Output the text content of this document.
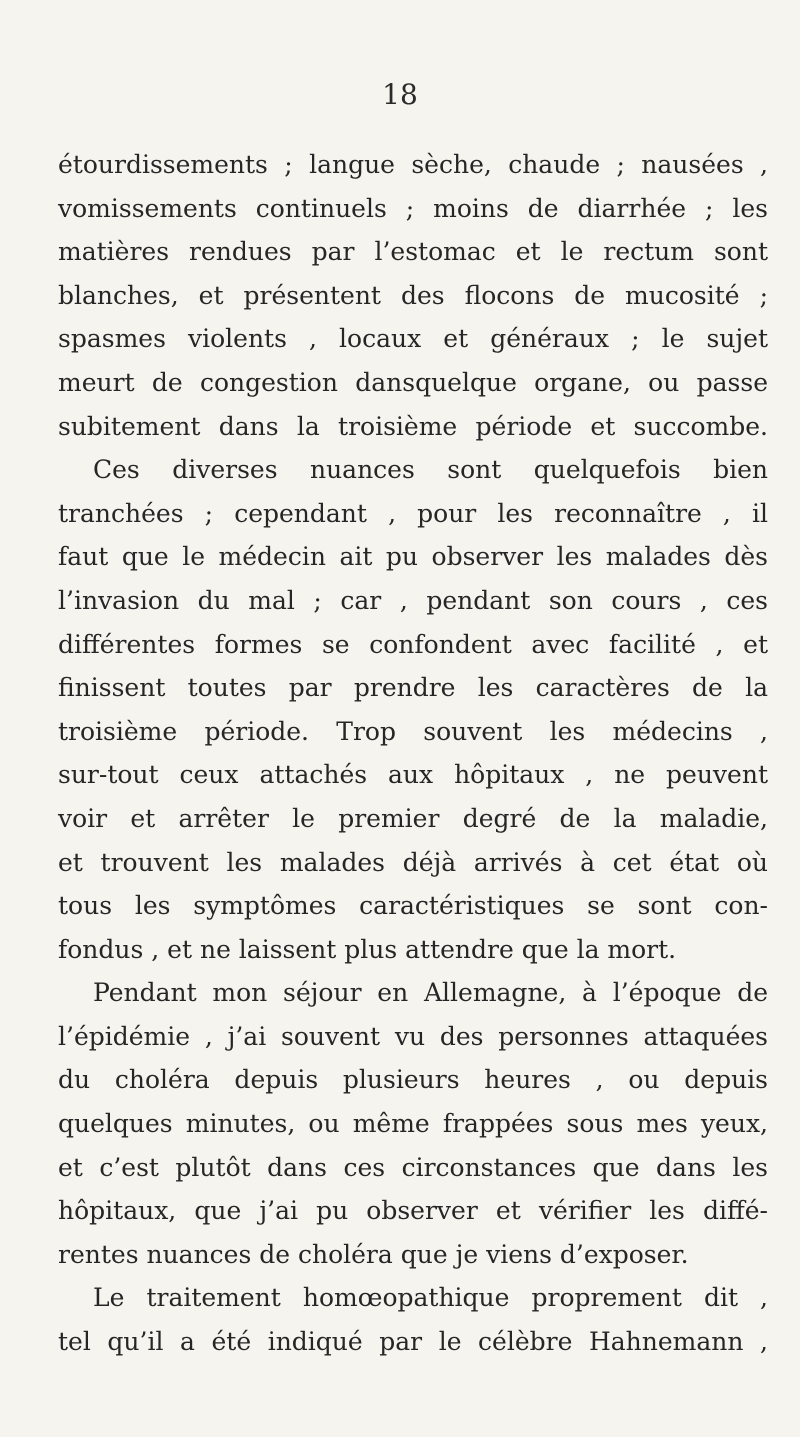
18
étourdissements ; langue sèche, chaude ; nausées ,
vomissements continuels ; moins de diarrhée ; les
matières rendues par l’estomac et le rectum sont
blanches, et présentent des flocons de mucosité ;
spasmes violents , locaux et généraux ; le sujet
meurt de congestion dansquelque organe, ou passe
subitement dans la troisième période et succombe.
Ces diverses nuances sont quelquefois bien
tranchées ; cependant , pour les reconnaître , il
faut que le médecin ait pu observer les malades dès
l’invasion du mal ; car , pendant son cours , ces
différentes formes se confondent avec facilité , et
finissent toutes par prendre les caractères de la
troisième période. Trop souvent les médecins ,
sur-tout ceux attachés aux hôpitaux , ne peuvent
voir et arrêter le premier degré de la maladie,
et trouvent les malades déjà arrivés à cet état où
tous les symptômes caractéristiques se sont con-
fondus , et ne laissent plus attendre que la mort.
Pendant mon séjour en Allemagne, à l’époque de
l’épidémie , j’ai souvent vu des personnes attaquées
du choléra depuis plusieurs heures , ou depuis
quelques minutes, ou même frappées sous mes yeux,
et c’est plutôt dans ces circonstances que dans les
hôpitaux, que j’ai pu observer et vérifier les diffé-
rentes nuances de choléra que je viens d’exposer.
Le traitement homœopathique proprement dit ,
tel qu’il a été indiqué par le célèbre Hahnemann ,
